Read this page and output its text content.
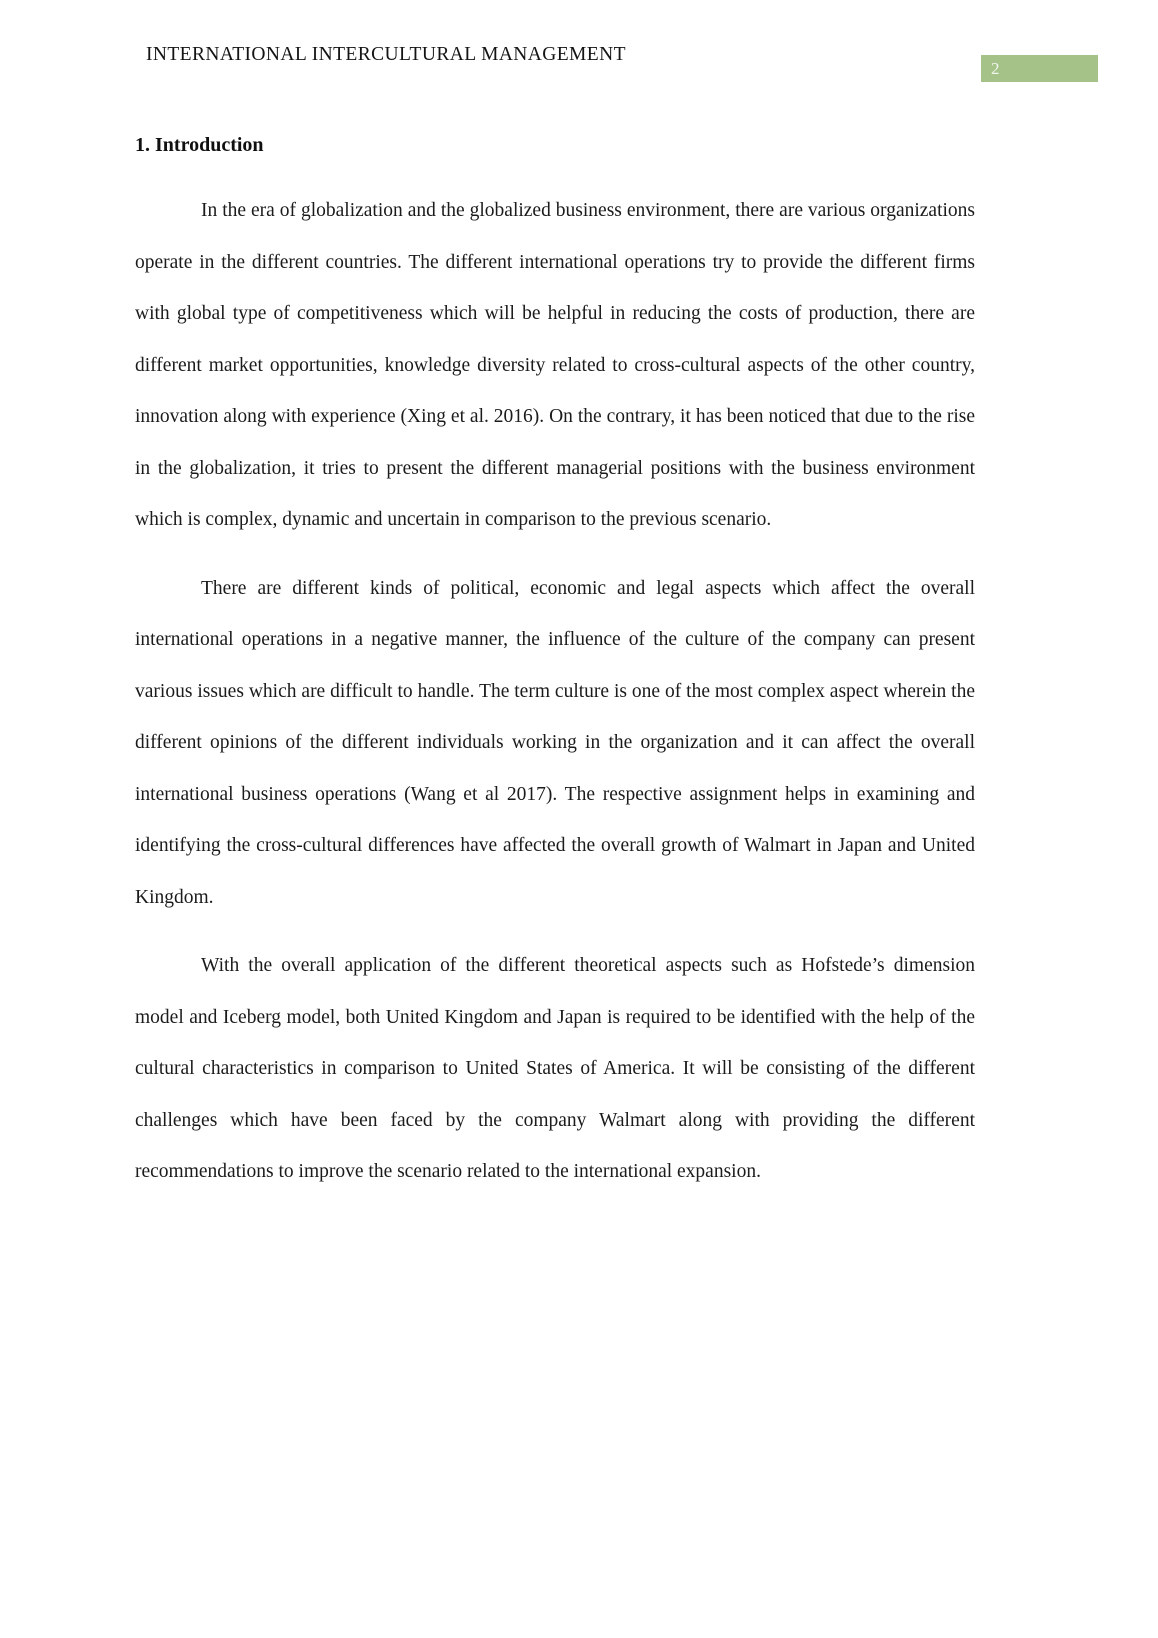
INTERNATIONAL INTERCULTURAL MANAGEMENT
2
1. Introduction

In the era of globalization and the globalized business environment, there are various organizations operate in the different countries. The different international operations try to provide the different firms with global type of competitiveness which will be helpful in reducing the costs of production, there are different market opportunities, knowledge diversity related to cross-cultural aspects of the other country, innovation along with experience (Xing et al. 2016). On the contrary, it has been noticed that due to the rise in the globalization, it tries to present the different managerial positions with the business environment which is complex, dynamic and uncertain in comparison to the previous scenario.

There are different kinds of political, economic and legal aspects which affect the overall international operations in a negative manner, the influence of the culture of the company can present various issues which are difficult to handle. The term culture is one of the most complex aspect wherein the different opinions of the different individuals working in the organization and it can affect the overall international business operations (Wang et al 2017). The respective assignment helps in examining and identifying the cross-cultural differences have affected the overall growth of Walmart in Japan and United Kingdom.

With the overall application of the different theoretical aspects such as Hofstede’s dimension model and Iceberg model, both United Kingdom and Japan is required to be identified with the help of the cultural characteristics in comparison to United States of America. It will be consisting of the different challenges which have been faced by the company Walmart along with providing the different recommendations to improve the scenario related to the international expansion.
